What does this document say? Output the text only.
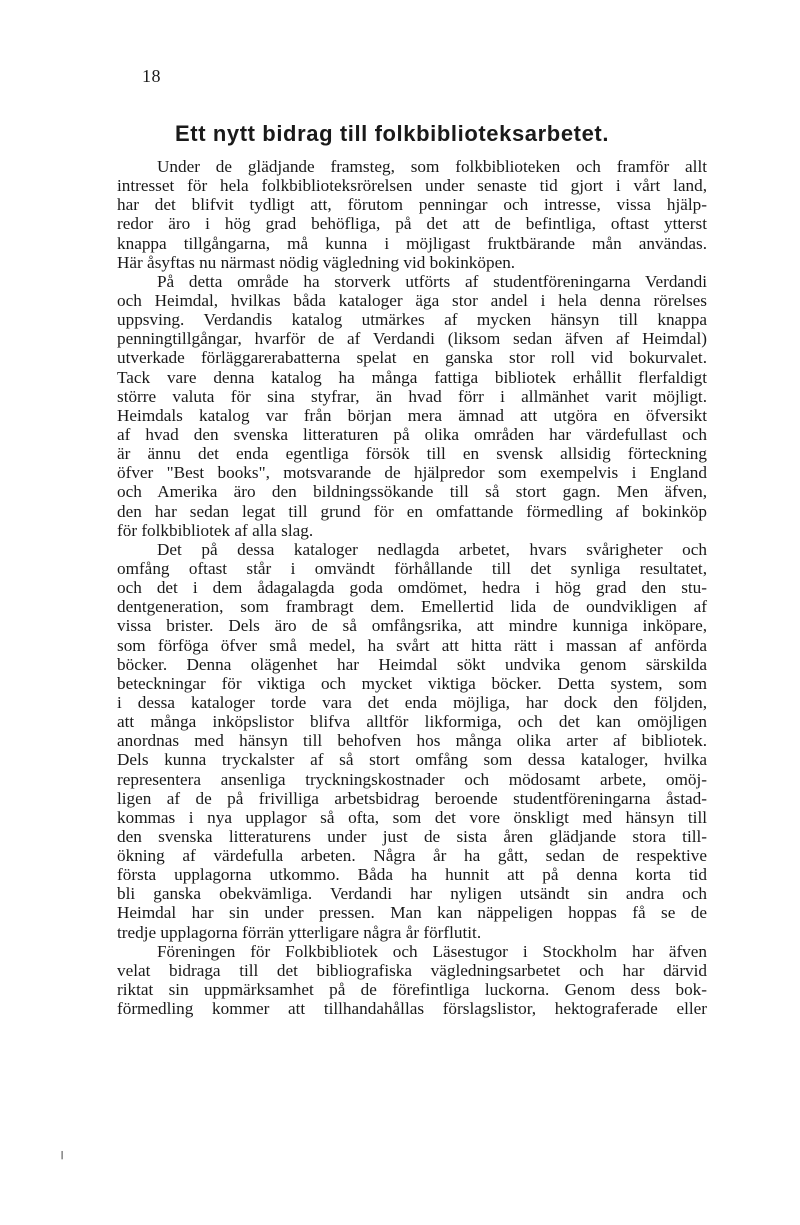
18
Ett nytt bidrag till folkbiblioteksarbetet.
Under de glädjande framsteg, som folkbiblioteken och framför allt
intresset för hela folkbiblioteksrörelsen under senaste tid gjort i vårt land,
har det blifvit tydligt att, förutom penningar och intresse, vissa hjälp-
redor äro i hög grad behöfliga, på det att de befintliga, oftast ytterst
knappa tillgångarna, må kunna i möjligast fruktbärande mån användas.
Här åsyftas nu närmast nödig vägledning vid bokinköpen.
På detta område ha storverk utförts af studentföreningarna Verdandi
och Heimdal, hvilkas båda kataloger äga stor andel i hela denna rörelses
uppsving. Verdandis katalog utmärkes af mycken hänsyn till knappa
penningtillgångar, hvarför de af Verdandi (liksom sedan äfven af Heimdal)
utverkade förläggarerabatterna spelat en ganska stor roll vid bokurvalet.
Tack vare denna katalog ha många fattiga bibliotek erhållit flerfaldigt
större valuta för sina styfrar, än hvad förr i allmänhet varit möjligt.
Heimdals katalog var från början mera ämnad att utgöra en öfversikt
af hvad den svenska litteraturen på olika områden har värdefullast och
är ännu det enda egentliga försök till en svensk allsidig förteckning
öfver "Best books", motsvarande de hjälpredor som exempelvis i England
och Amerika äro den bildningssökande till så stort gagn. Men äfven,
den har sedan legat till grund för en omfattande förmedling af bokinköp
för folkbibliotek af alla slag.
Det på dessa kataloger nedlagda arbetet, hvars svårigheter och
omfång oftast står i omvändt förhållande till det synliga resultatet,
och det i dem ådagalagda goda omdömet, hedra i hög grad den stu-
dentgeneration, som frambragt dem. Emellertid lida de oundvikligen af
vissa brister. Dels äro de så omfångsrika, att mindre kunniga inköpare,
som förföga öfver små medel, ha svårt att hitta rätt i massan af anförda
böcker. Denna olägenhet har Heimdal sökt undvika genom särskilda
beteckningar för viktiga och mycket viktiga böcker. Detta system, som
i dessa kataloger torde vara det enda möjliga, har dock den följden,
att många inköpslistor blifva alltför likformiga, och det kan omöjligen
anordnas med hänsyn till behofven hos många olika arter af bibliotek.
Dels kunna tryckalster af så stort omfång som dessa kataloger, hvilka
representera ansenliga tryckningskostnader och mödosamt arbete, omöj-
ligen af de på frivilliga arbetsbidrag beroende studentföreningarna åstad-
kommas i nya upplagor så ofta, som det vore önskligt med hänsyn till
den svenska litteraturens under just de sista åren glädjande stora till-
ökning af värdefulla arbeten. Några år ha gått, sedan de respektive
första upplagorna utkommo. Båda ha hunnit att på denna korta tid
bli ganska obekvämliga. Verdandi har nyligen utsändt sin andra och
Heimdal har sin under pressen. Man kan näppeligen hoppas få se de
tredje upplagorna förrän ytterligare några år förflutit.
Föreningen för Folkbibliotek och Läsestugor i Stockholm har äfven
velat bidraga till det bibliografiska vägledningsarbetet och har därvid
riktat sin uppmärksamhet på de förefintliga luckorna. Genom dess bok-
förmedling kommer att tillhandahållas förslagslistor, hektograferade eller
╵
